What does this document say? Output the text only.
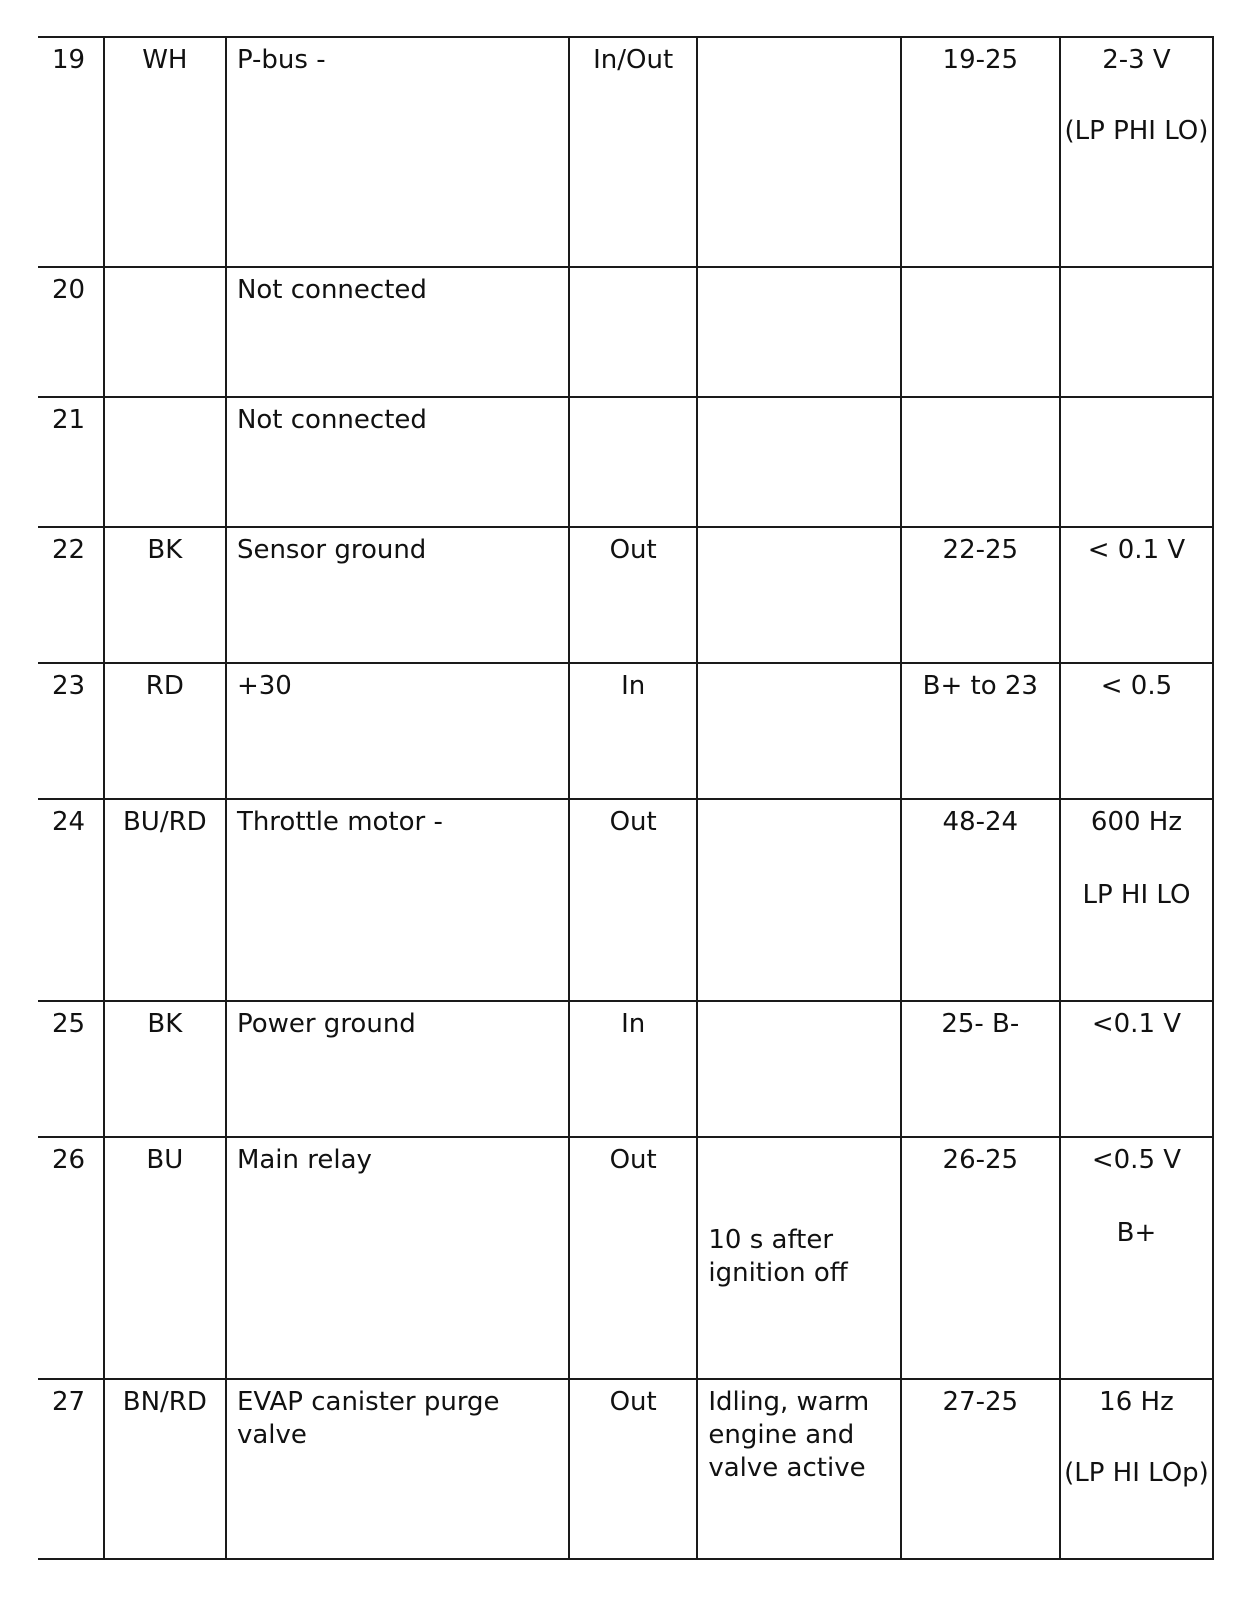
19	WH	P-bus -	In/Out		19-25	2-3 V

(LP PHI LO)

20		Not connected				

21		Not connected				

22	BK	Sensor ground	Out		22-25	< 0.1 V

23	RD	+30	In		B+ to 23	< 0.5

24	BU/RD	Throttle motor -	Out		48-24	600 Hz

LP HI LO

25	BK	Power ground	In		25- B-	<0.1 V

26	BU	Main relay	Out	10 s after ignition off	26-25	<0.5 V

B+

27	BN/RD	EVAP canister purge valve	Out	Idling, warm engine and valve active	27-25	16 Hz

(LP HI LOp)
